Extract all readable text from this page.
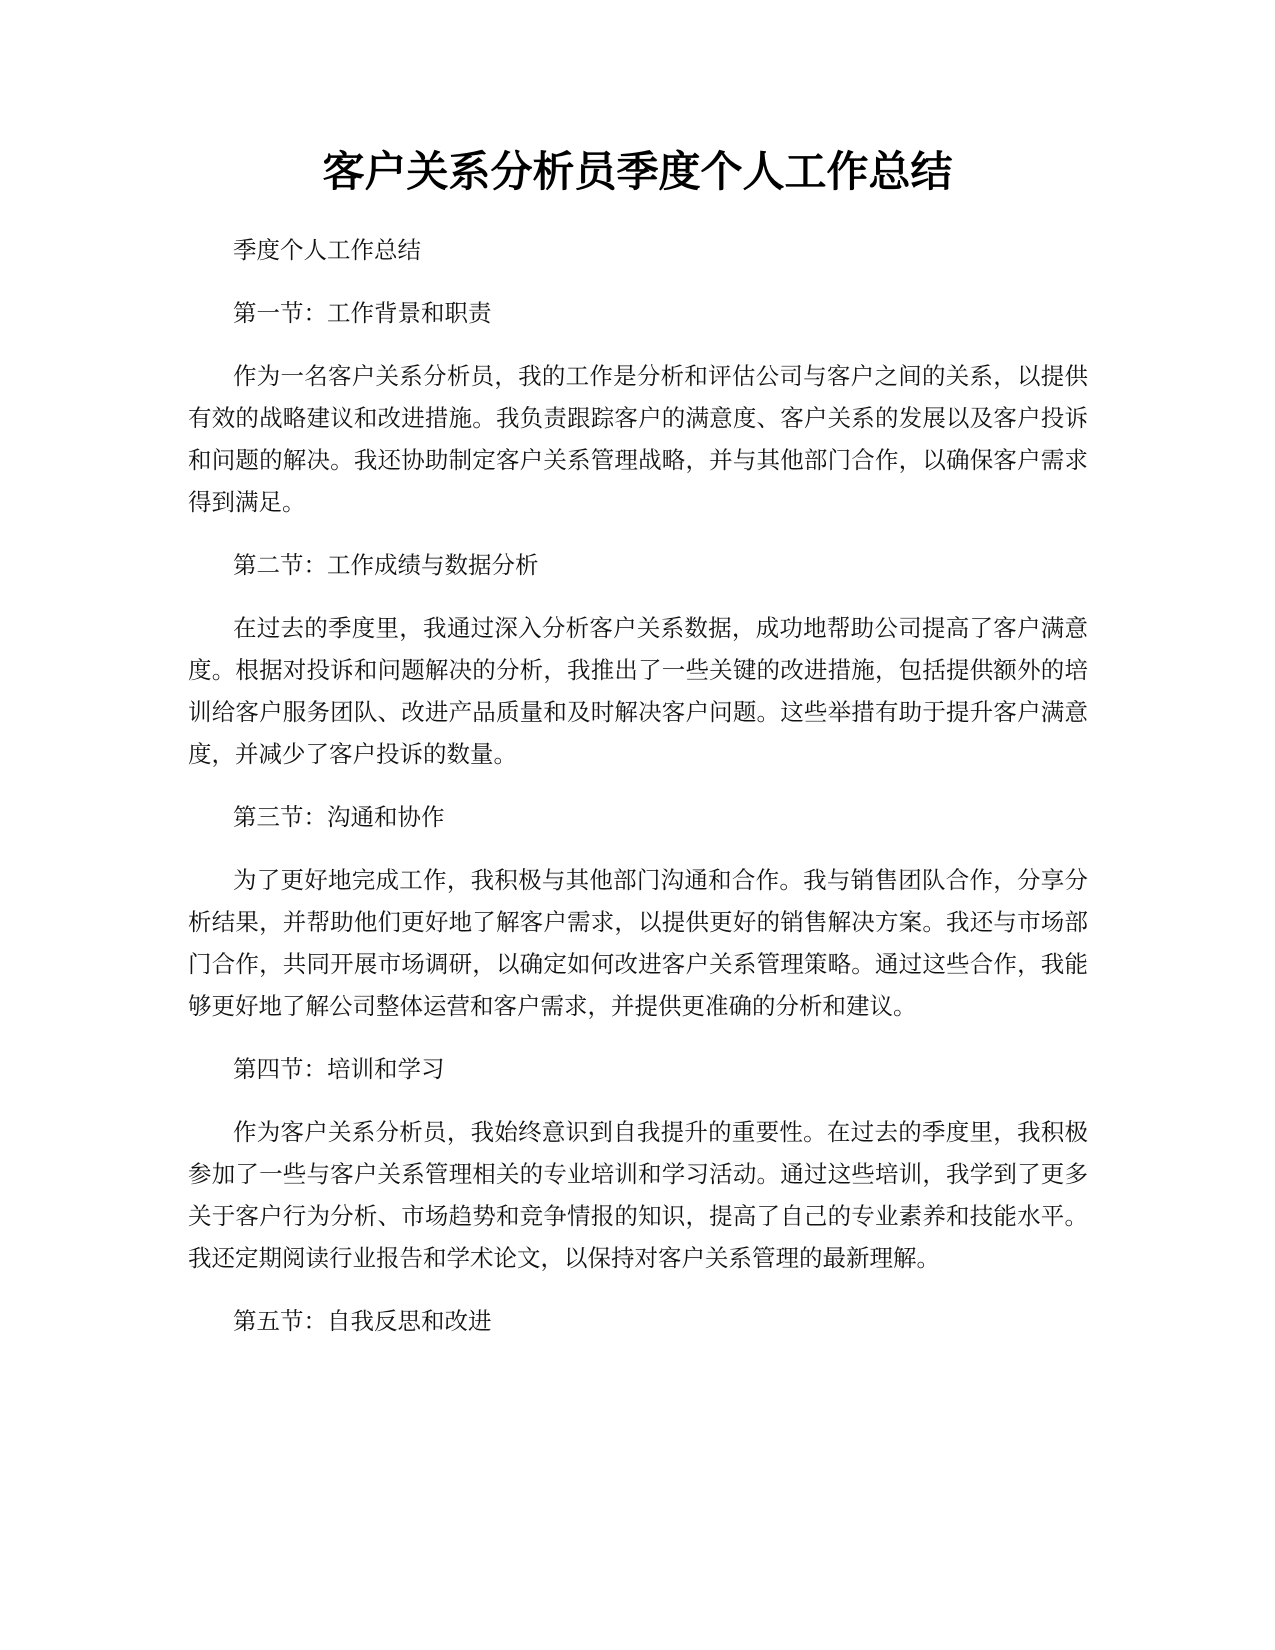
客户关系分析员季度个人工作总结

季度个人工作总结

第一节：工作背景和职责

作为一名客户关系分析员，我的工作是分析和评估公司与客户之间的关系，以提供有效的战略建议和改进措施。我负责跟踪客户的满意度、客户关系的发展以及客户投诉和问题的解决。我还协助制定客户关系管理战略，并与其他部门合作，以确保客户需求得到满足。

第二节：工作成绩与数据分析

在过去的季度里，我通过深入分析客户关系数据，成功地帮助公司提高了客户满意度。根据对投诉和问题解决的分析，我推出了一些关键的改进措施，包括提供额外的培训给客户服务团队、改进产品质量和及时解决客户问题。这些举措有助于提升客户满意度，并减少了客户投诉的数量。

第三节：沟通和协作

为了更好地完成工作，我积极与其他部门沟通和合作。我与销售团队合作，分享分析结果，并帮助他们更好地了解客户需求，以提供更好的销售解决方案。我还与市场部门合作，共同开展市场调研，以确定如何改进客户关系管理策略。通过这些合作，我能够更好地了解公司整体运营和客户需求，并提供更准确的分析和建议。

第四节：培训和学习

作为客户关系分析员，我始终意识到自我提升的重要性。在过去的季度里，我积极参加了一些与客户关系管理相关的专业培训和学习活动。通过这些培训，我学到了更多关于客户行为分析、市场趋势和竞争情报的知识，提高了自己的专业素养和技能水平。我还定期阅读行业报告和学术论文，以保持对客户关系管理的最新理解。

第五节：自我反思和改进
